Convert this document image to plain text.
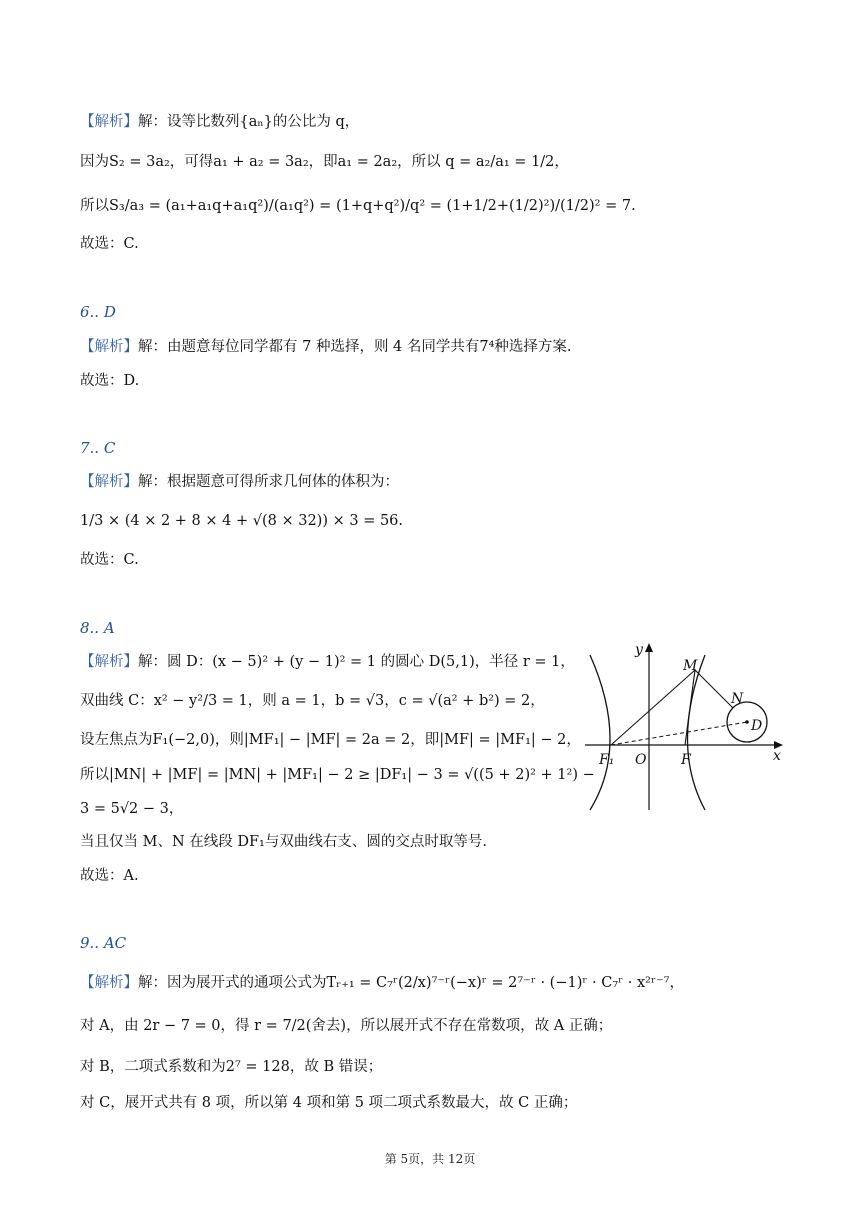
【解析】解：设等比数列{aₙ}的公比为 q，
因为S₂ = 3a₂，可得a₁ + a₂ = 3a₂，即a₁ = 2a₂，所以 q = a₂/a₁ = 1/2，
所以S₃/a₃ = (a₁+a₁q+a₁q²)/(a₁q²) = (1+q+q²)/q² = (1+1/2+(1/2)²)/(1/2)² = 7.
故选：C.
6.. D
【解析】解：由题意每位同学都有 7 种选择，则 4 名同学共有7⁴种选择方案.
故选：D.
7.. C
【解析】解：根据题意可得所求几何体的体积为：
1/3 × (4 × 2 + 8 × 4 + √(8 × 32)) × 3 = 56.
故选：C.
8.. A
【解析】解：圆 D：(x − 5)² + (y − 1)² = 1 的圆心 D(5,1)，半径 r = 1，
双曲线 C：x² − y²/3 = 1，则 a = 1，b = √3，c = √(a² + b²) = 2，
设左焦点为F₁(−2,0)，则|MF₁| − |MF| = 2a = 2，即|MF| = |MF₁| − 2，
所以|MN| + |MF| = |MN| + |MF₁| − 2 ≥ |DF₁| − 3 = √((5 + 2)² + 1²) −
3 = 5√2 − 3，
当且仅当 M、N 在线段 DF₁与双曲线右支、圆的交点时取等号.
故选：A.
y
x
M
N
D
F₁ O F
9.. AC
【解析】解：因为展开式的通项公式为Tᵣ₊₁ = C₇ʳ(2/x)⁷⁻ʳ(−x)ʳ = 2⁷⁻ʳ · (−1)ʳ · C₇ʳ · x²ʳ⁻⁷，
对 A，由 2r − 7 = 0，得 r = 7/2(舍去)，所以展开式不存在常数项，故 A 正确；
对 B，二项式系数和为2⁷ = 128，故 B 错误；
对 C，展开式共有 8 项，所以第 4 项和第 5 项二项式系数最大，故 C 正确；
第 5页，共 12页
